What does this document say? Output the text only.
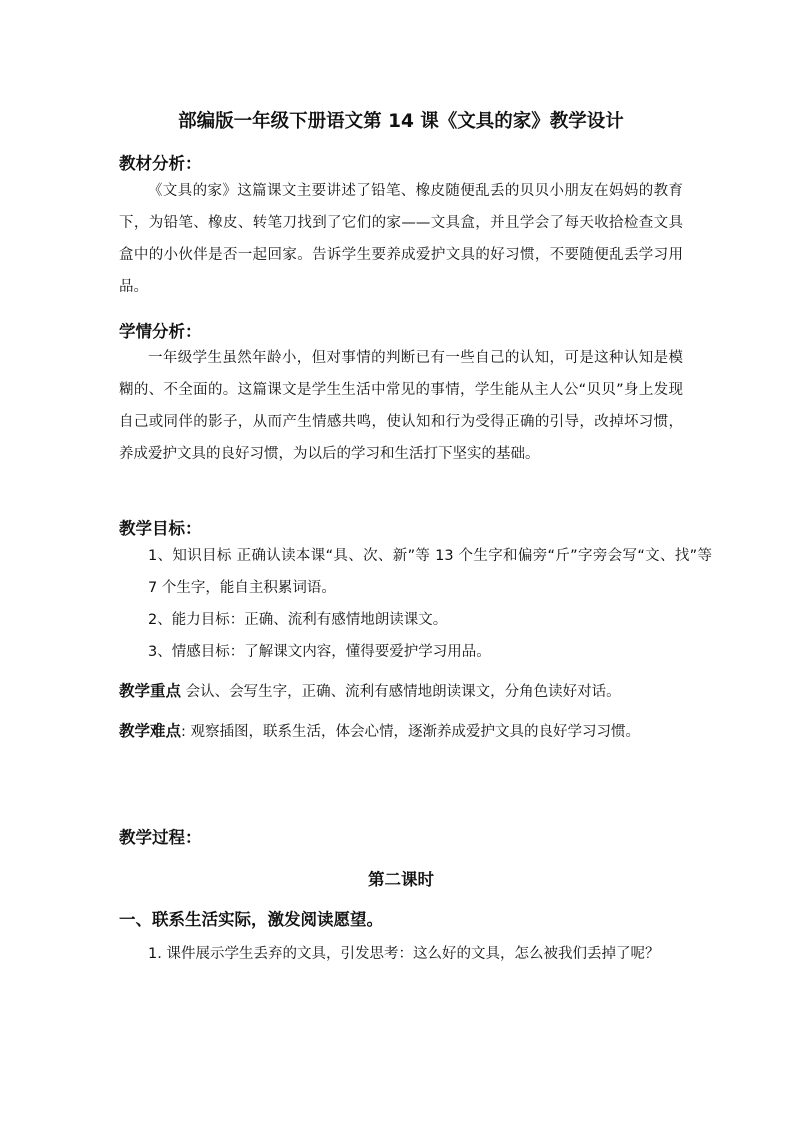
部编版一年级下册语文第 14 课《文具的家》教学设计
教材分析：

《文具的家》这篇课文主要讲述了铅笔、橡皮随便乱丢的贝贝小朋友在妈妈的教育下，为铅笔、橡皮、转笔刀找到了它们的家——文具盒，并且学会了每天收拾检查文具盒中的小伙伴是否一起回家。告诉学生要养成爱护文具的好习惯，不要随便乱丢学习用品。

学情分析：

一年级学生虽然年龄小，但对事情的判断已有一些自己的认知，可是这种认知是模糊的、不全面的。这篇课文是学生生活中常见的事情，学生能从主人公“贝贝”身上发现自己或同伴的影子，从而产生情感共鸣，使认知和行为受得正确的引导，改掉坏习惯，养成爱护文具的良好习惯，为以后的学习和生活打下坚实的基础。

教学目标：

1、知识目标 正确认读本课“具、次、新”等 13 个生字和偏旁“斤”字旁会写“文、找”等 7 个生字，能自主积累词语。

2、能力目标：正确、流利有感情地朗读课文。

3、情感目标：了解课文内容，懂得要爱护学习用品。

教学重点 会认、会写生字，正确、流利有感情地朗读课文，分角色读好对话。

教学难点: 观察插图，联系生活，体会心情，逐渐养成爱护文具的良好学习习惯。

教学过程：
第二课时
一、联系生活实际，激发阅读愿望。

1. 课件展示学生丢弃的文具，引发思考：这么好的文具，怎么被我们丢掉了呢？
